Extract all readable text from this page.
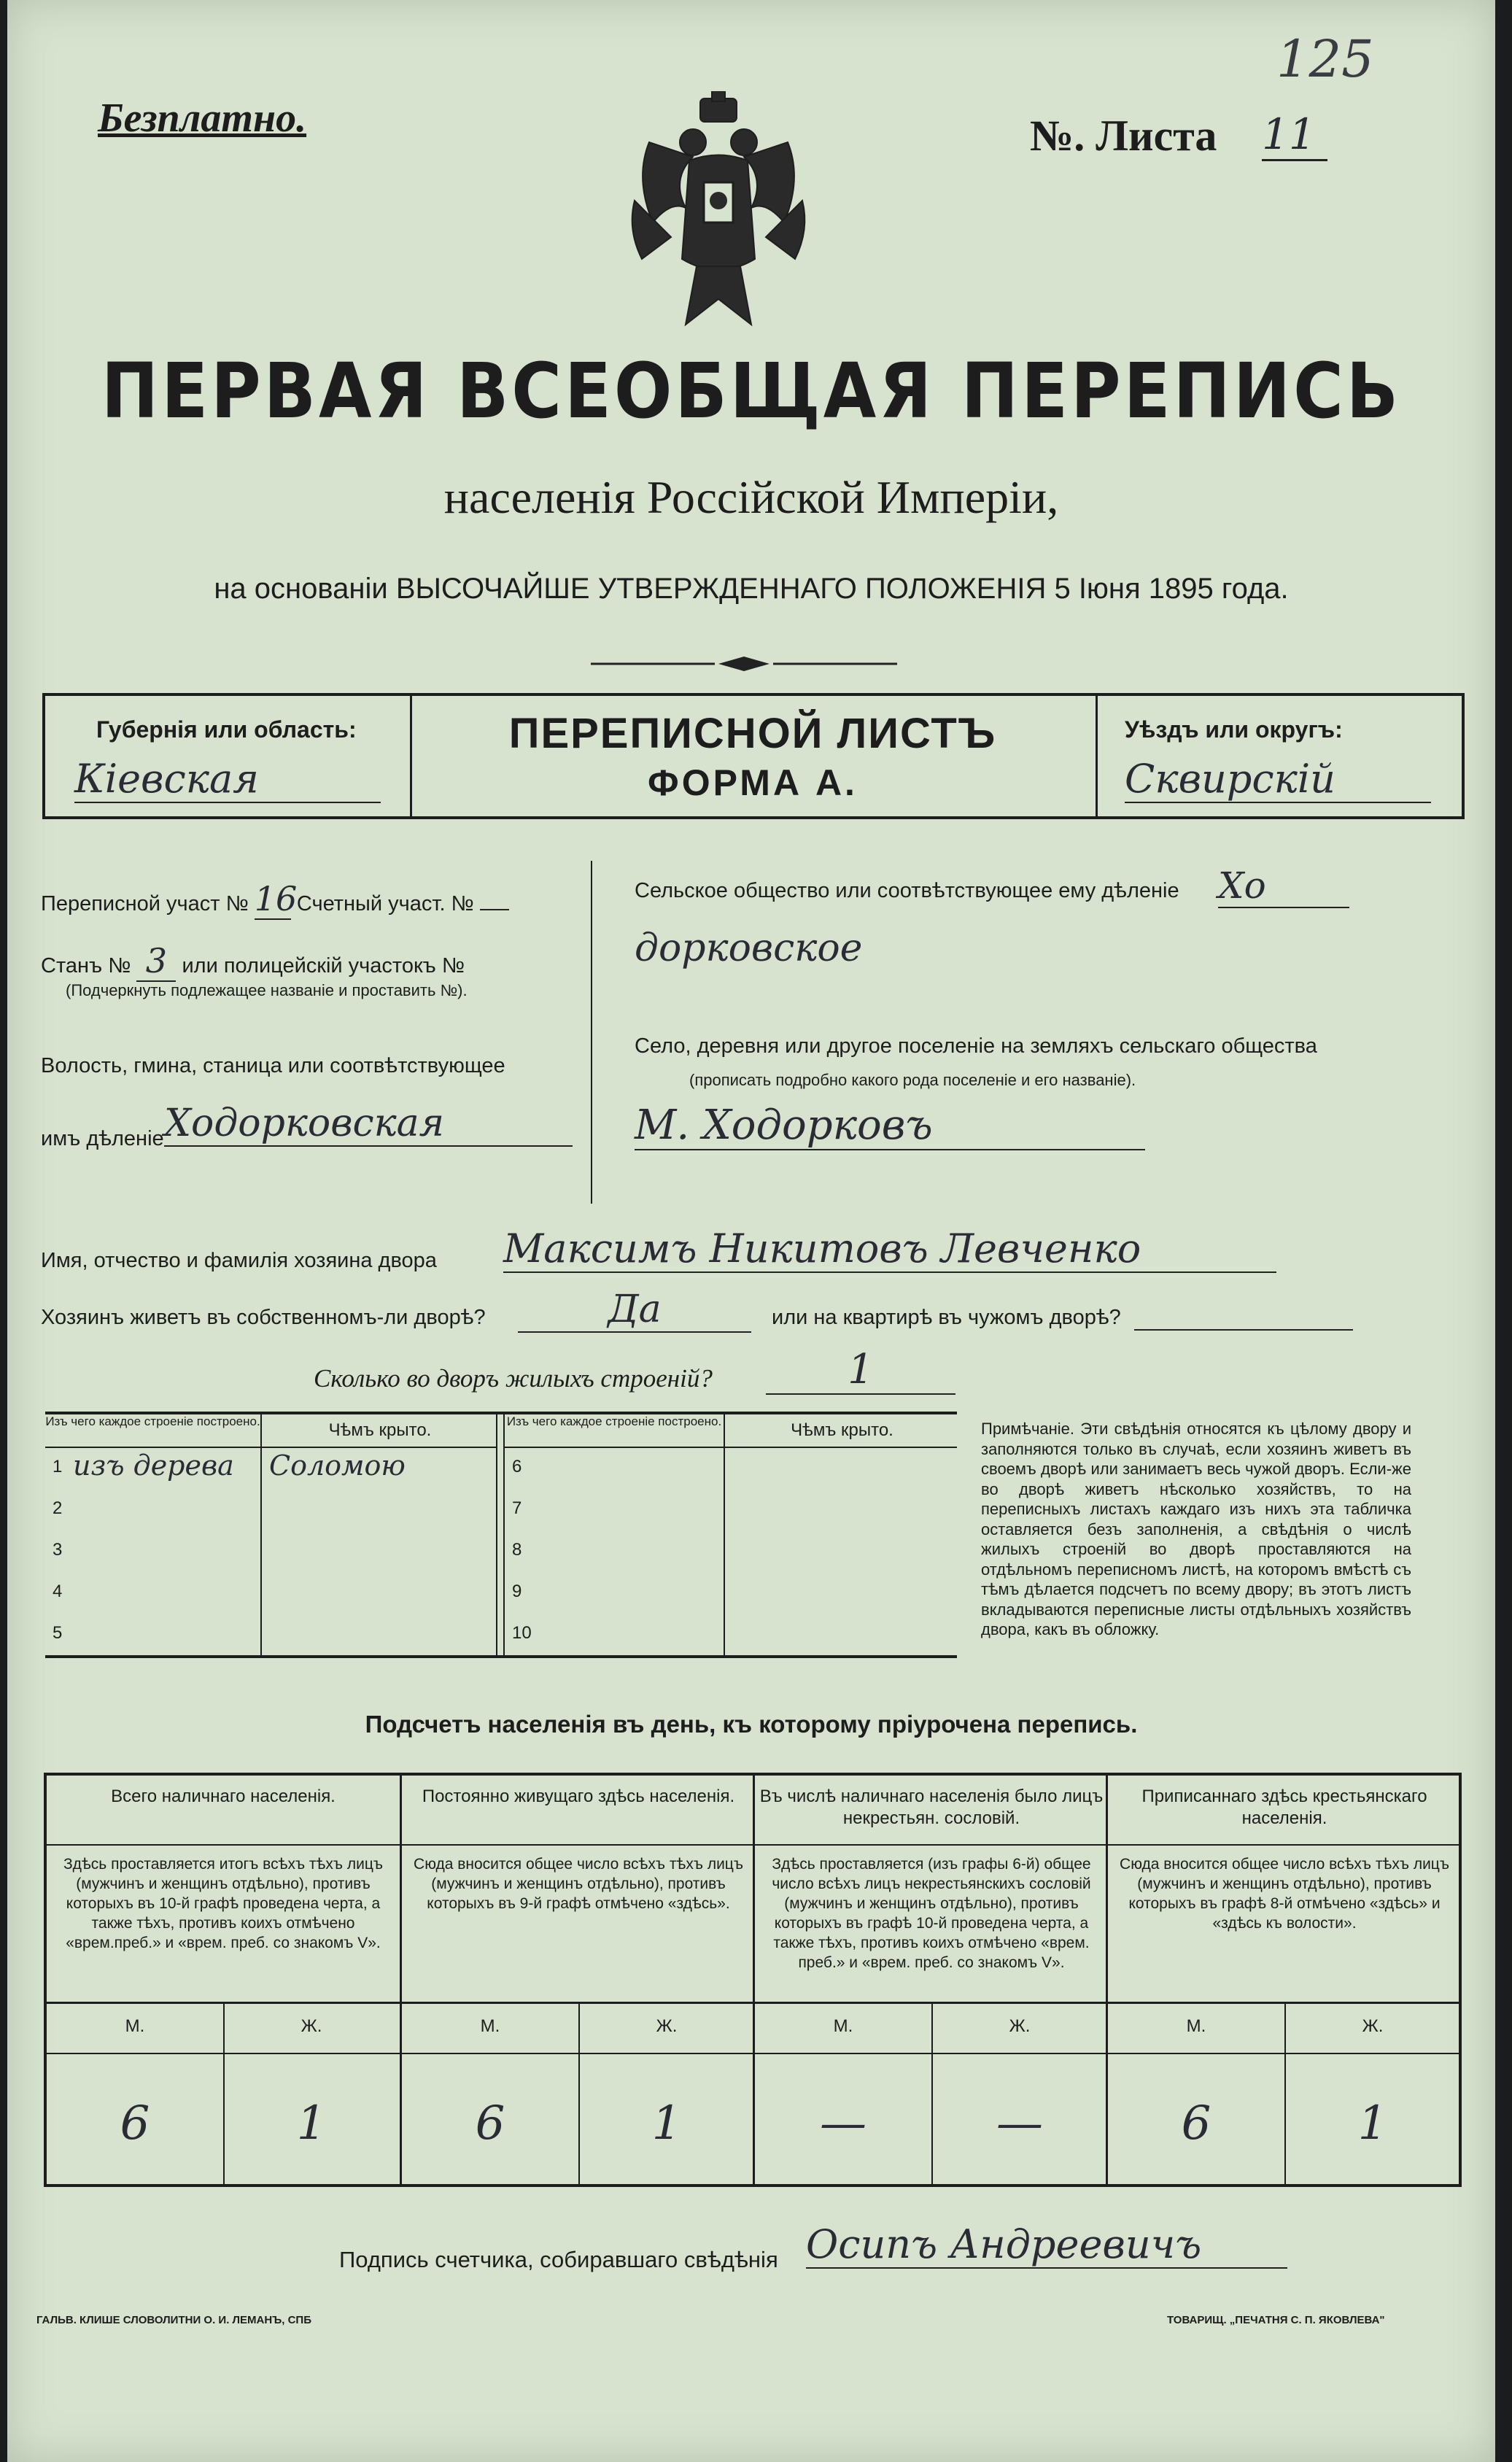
Безплатно.	№. Листа 11
125
ПЕРВАЯ ВСЕОБЩАЯ ПЕРЕПИСЬ
населенія Россійской Имперіи,
на основаніи ВЫСОЧАЙШЕ УТВЕРЖДЕННАГО ПОЛОЖЕНІЯ 5 Іюня 1895 года.
Губернія или область:
Кіевская
ПЕРЕПИСНОЙ ЛИСТЪ
ФОРМА А.
Уѣздъ или округъ:
Сквирскій
Переписной участ № 16 Счетный участ. №
Станъ № 3 или полицейскій участокъ №
(Подчеркнуть подлежащее названіе и проставить №).
Волость, гмина, станица или соотвѣтствующее
имъ дѣленіе Ходорковская
Сельское общество или соотвѣтствующее ему дѣленіе Хо
дорковское
Село, деревня или другое поселеніе на земляхъ сельскаго общества
(прописать подробно какого рода поселеніе и его названіе).
М. Ходорковъ
Имя, отчество и фамилія хозяина двора Максимъ Никитовъ Левченко
Хозяинъ живетъ въ собственномъ-ли дворѣ?	Да	или на квартирѣ въ чужомъ дворѣ?
Сколько во дворъ жилыхъ строеній?	1
Изъ чего каждое строеніе построено.	Чѣмъ крыто.	Изъ чего каждое строеніе построено.	Чѣмъ крыто.
1 изъ дерева Соломою
2
3
4
5
6
7
8
9
10
Примѣчаніе. Эти свѣдѣнія относятся къ цѣлому двору и заполняются только въ случаѣ, если хозяинъ живетъ въ своемъ дворѣ или занимаетъ весь чужой дворъ. Если-же во дворѣ живетъ нѣсколько хозяйствъ, то на переписныхъ листахъ каждаго изъ нихъ эта табличка оставляется безъ заполненія, а свѣдѣнія о числѣ жилыхъ строеній во дворѣ проставляются на отдѣльномъ переписномъ листѣ, на которомъ вмѣстѣ съ тѣмъ дѣлается подсчетъ по всему двору; въ этотъ листъ вкладываются переписные листы отдѣльныхъ хозяйствъ двора, какъ въ обложку.
Подсчетъ населенія въ день, къ которому пріурочена перепись.
Всего наличнаго населенія.
Здѣсь проставляется итогъ всѣхъ тѣхъ лицъ (мужчинъ и женщинъ отдѣльно), противъ которыхъ въ 10-й графѣ проведена черта, а также тѣхъ, противъ коихъ отмѣчено «врем.преб.» и «врем. преб. со знакомъ V».
М.	Ж.
6	1
Постоянно живущаго здѣсь населенія.
Сюда вносится общее число всѣхъ тѣхъ лицъ (мужчинъ и женщинъ отдѣльно), противъ которыхъ въ 9-й графѣ отмѣчено «здѣсь».
М.	Ж.
6	1
Въ числѣ наличнаго населенія было лицъ некрестьян. сословій.
Здѣсь проставляется (изъ графы 6-й) общее число всѣхъ лицъ некрестьянскихъ сословій (мужчинъ и женщинъ отдѣльно), противъ которыхъ въ графѣ 10-й проведена черта, а также тѣхъ, противъ коихъ отмѣчено «врем. преб.» и «врем. преб. со знакомъ V».
М.	Ж.
—	—
Приписаннаго здѣсь крестьянскаго населенія.
Сюда вносится общее число всѣхъ тѣхъ лицъ (мужчинъ и женщинъ отдѣльно), противъ которыхъ въ графѣ 8-й отмѣчено «здѣсь» и «здѣсь къ волости».
М.	Ж.
6	1
Подпись счетчика, собиравшаго свѣдѣнія Осипъ Андреевичъ
ГАЛЬВ. КЛИШЕ СЛОВОЛИТНИ О. И. ЛЕМАНЪ, СПБ	ТОВАРИЩ. „ПЕЧАТНЯ С. П. ЯКОВЛЕВА"
